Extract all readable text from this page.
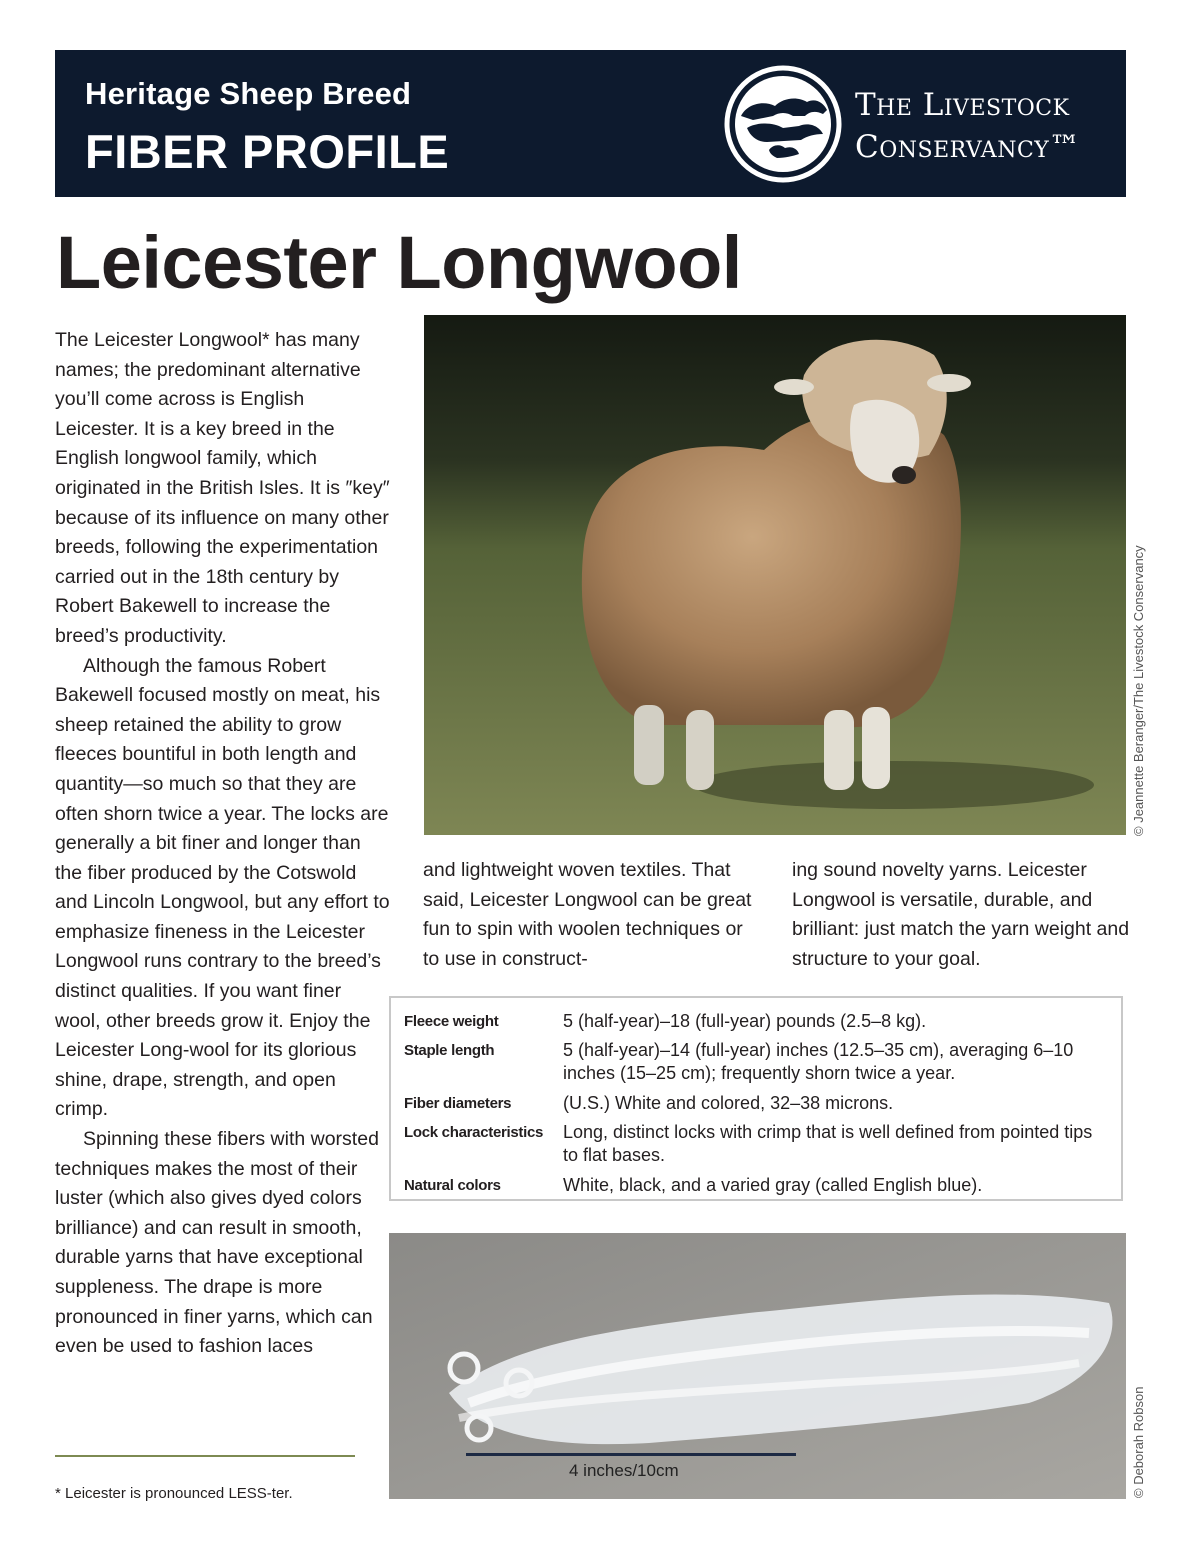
Heritage Sheep Breed
FIBER PROFILE
The Livestock
Conservancy™
Leicester Longwool

The Leicester Longwool* has many names; the predominant alternative you’ll come across is English Leicester. It is a key breed in the English longwool family, which originated in the British Isles. It is ″key″ because of its influence on many other breeds, following the experimentation carried out in the 18th century by Robert Bakewell to increase the breed’s productivity.

Although the famous Robert Bakewell focused mostly on meat, his sheep retained the ability to grow fleeces bountiful in both length and quantity—so much so that they are often shorn twice a year. The locks are generally a bit finer and longer than the fiber produced by the Cotswold and Lincoln Longwool, but any effort to emphasize fineness in the Leicester Longwool runs contrary to the breed’s distinct qualities. If you want finer wool, other breeds grow it. Enjoy the Leicester Long-wool for its glorious shine, drape, strength, and open crimp.

Spinning these fibers with worsted techniques makes the most of their luster (which also gives dyed colors brilliance) and can result in smooth, durable yarns that have exceptional suppleness. The drape is more pronounced in finer yarns, which can even be used to fashion laces

© Jeannette Beranger/The Livestock Conservancy

and lightweight woven textiles. That said, Leicester Longwool can be great fun to spin with woolen techniques or to use in construct-

ing sound novelty yarns. Leicester Longwool is versatile, durable, and brilliant: just match the yarn weight and structure to your goal.

Fleece weight	5 (half-year)–18 (full-year) pounds (2.5–8 kg).
Staple length	5 (half-year)–14 (full-year) inches (12.5–35 cm), averaging 6–10 inches (15–25 cm); frequently shorn twice a year.
Fiber diameters	(U.S.) White and colored, 32–38 microns.
Lock characteristics	Long, distinct locks with crimp that is well defined from pointed tips to flat bases.
Natural colors	White, black, and a varied gray (called English blue).
4 inches/10cm	© Deborah Robson
* Leicester is pronounced LESS-ter.
